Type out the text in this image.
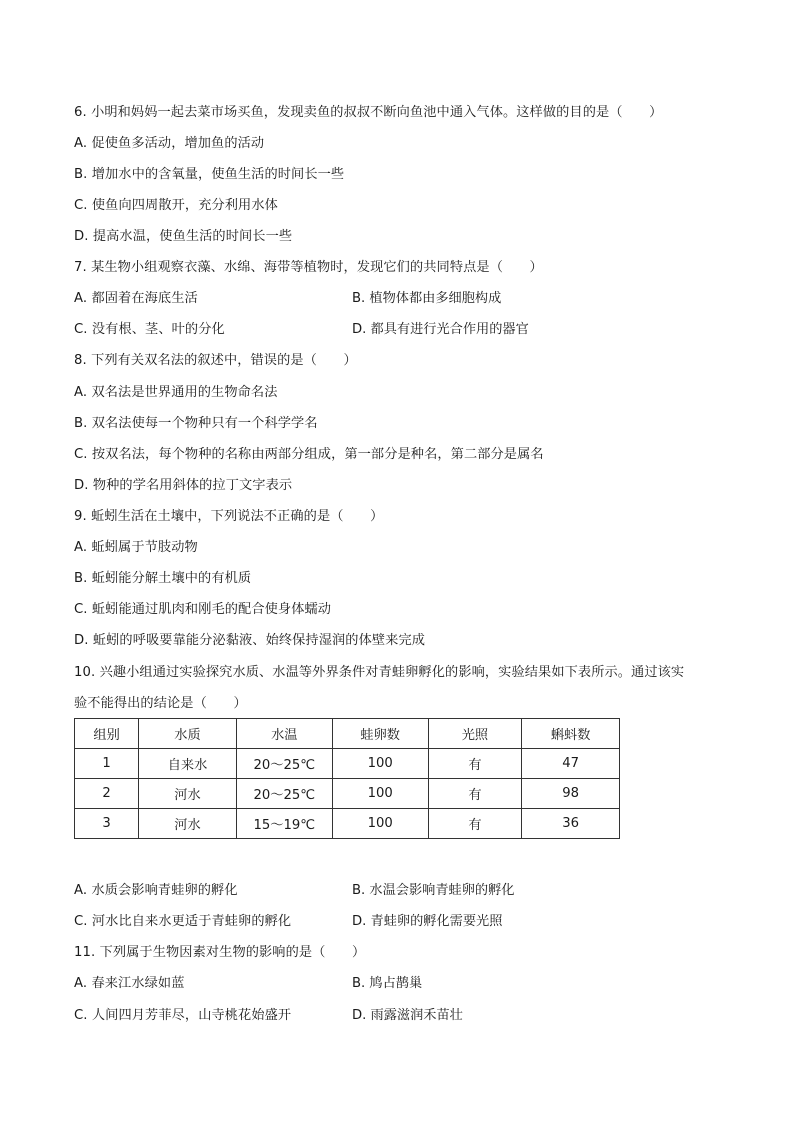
6. 小明和妈妈一起去菜市场买鱼，发现卖鱼的叔叔不断向鱼池中通入气体。这样做的目的是（　　）
A. 促使鱼多活动，增加鱼的活动
B. 增加水中的含氧量，使鱼生活的时间长一些
C. 使鱼向四周散开，充分利用水体
D. 提高水温，使鱼生活的时间长一些
7. 某生物小组观察衣藻、水绵、海带等植物时，发现它们的共同特点是（　　）
A. 都固着在海底生活	B. 植物体都由多细胞构成
C. 没有根、茎、叶的分化	D. 都具有进行光合作用的器官
8. 下列有关双名法的叙述中，错误的是（　　）
A. 双名法是世界通用的生物命名法
B. 双名法使每一个物种只有一个科学学名
C. 按双名法，每个物种的名称由两部分组成，第一部分是种名，第二部分是属名
D. 物种的学名用斜体的拉丁文字表示
9. 蚯蚓生活在土壤中，下列说法不正确的是（　　）
A. 蚯蚓属于节肢动物
B. 蚯蚓能分解土壤中的有机质
C. 蚯蚓能通过肌肉和刚毛的配合使身体蠕动
D. 蚯蚓的呼吸要靠能分泌黏液、始终保持湿润的体壁来完成
10. 兴趣小组通过实验探究水质、水温等外界条件对青蛙卵孵化的影响，实验结果如下表所示。通过该实
验不能得出的结论是（　　）
组别	水质	水温	蛙卵数	光照	蝌蚪数
1	自来水	20～25℃	100	有	47
2	河水	20～25℃	100	有	98
3	河水	15～19℃	100	有	36
A. 水质会影响青蛙卵的孵化	B. 水温会影响青蛙卵的孵化
C. 河水比自来水更适于青蛙卵的孵化	D. 青蛙卵的孵化需要光照
11. 下列属于生物因素对生物的影响的是（　　）
A. 春来江水绿如蓝	B. 鸠占鹊巢
C. 人间四月芳菲尽，山寺桃花始盛开	D. 雨露滋润禾苗壮
